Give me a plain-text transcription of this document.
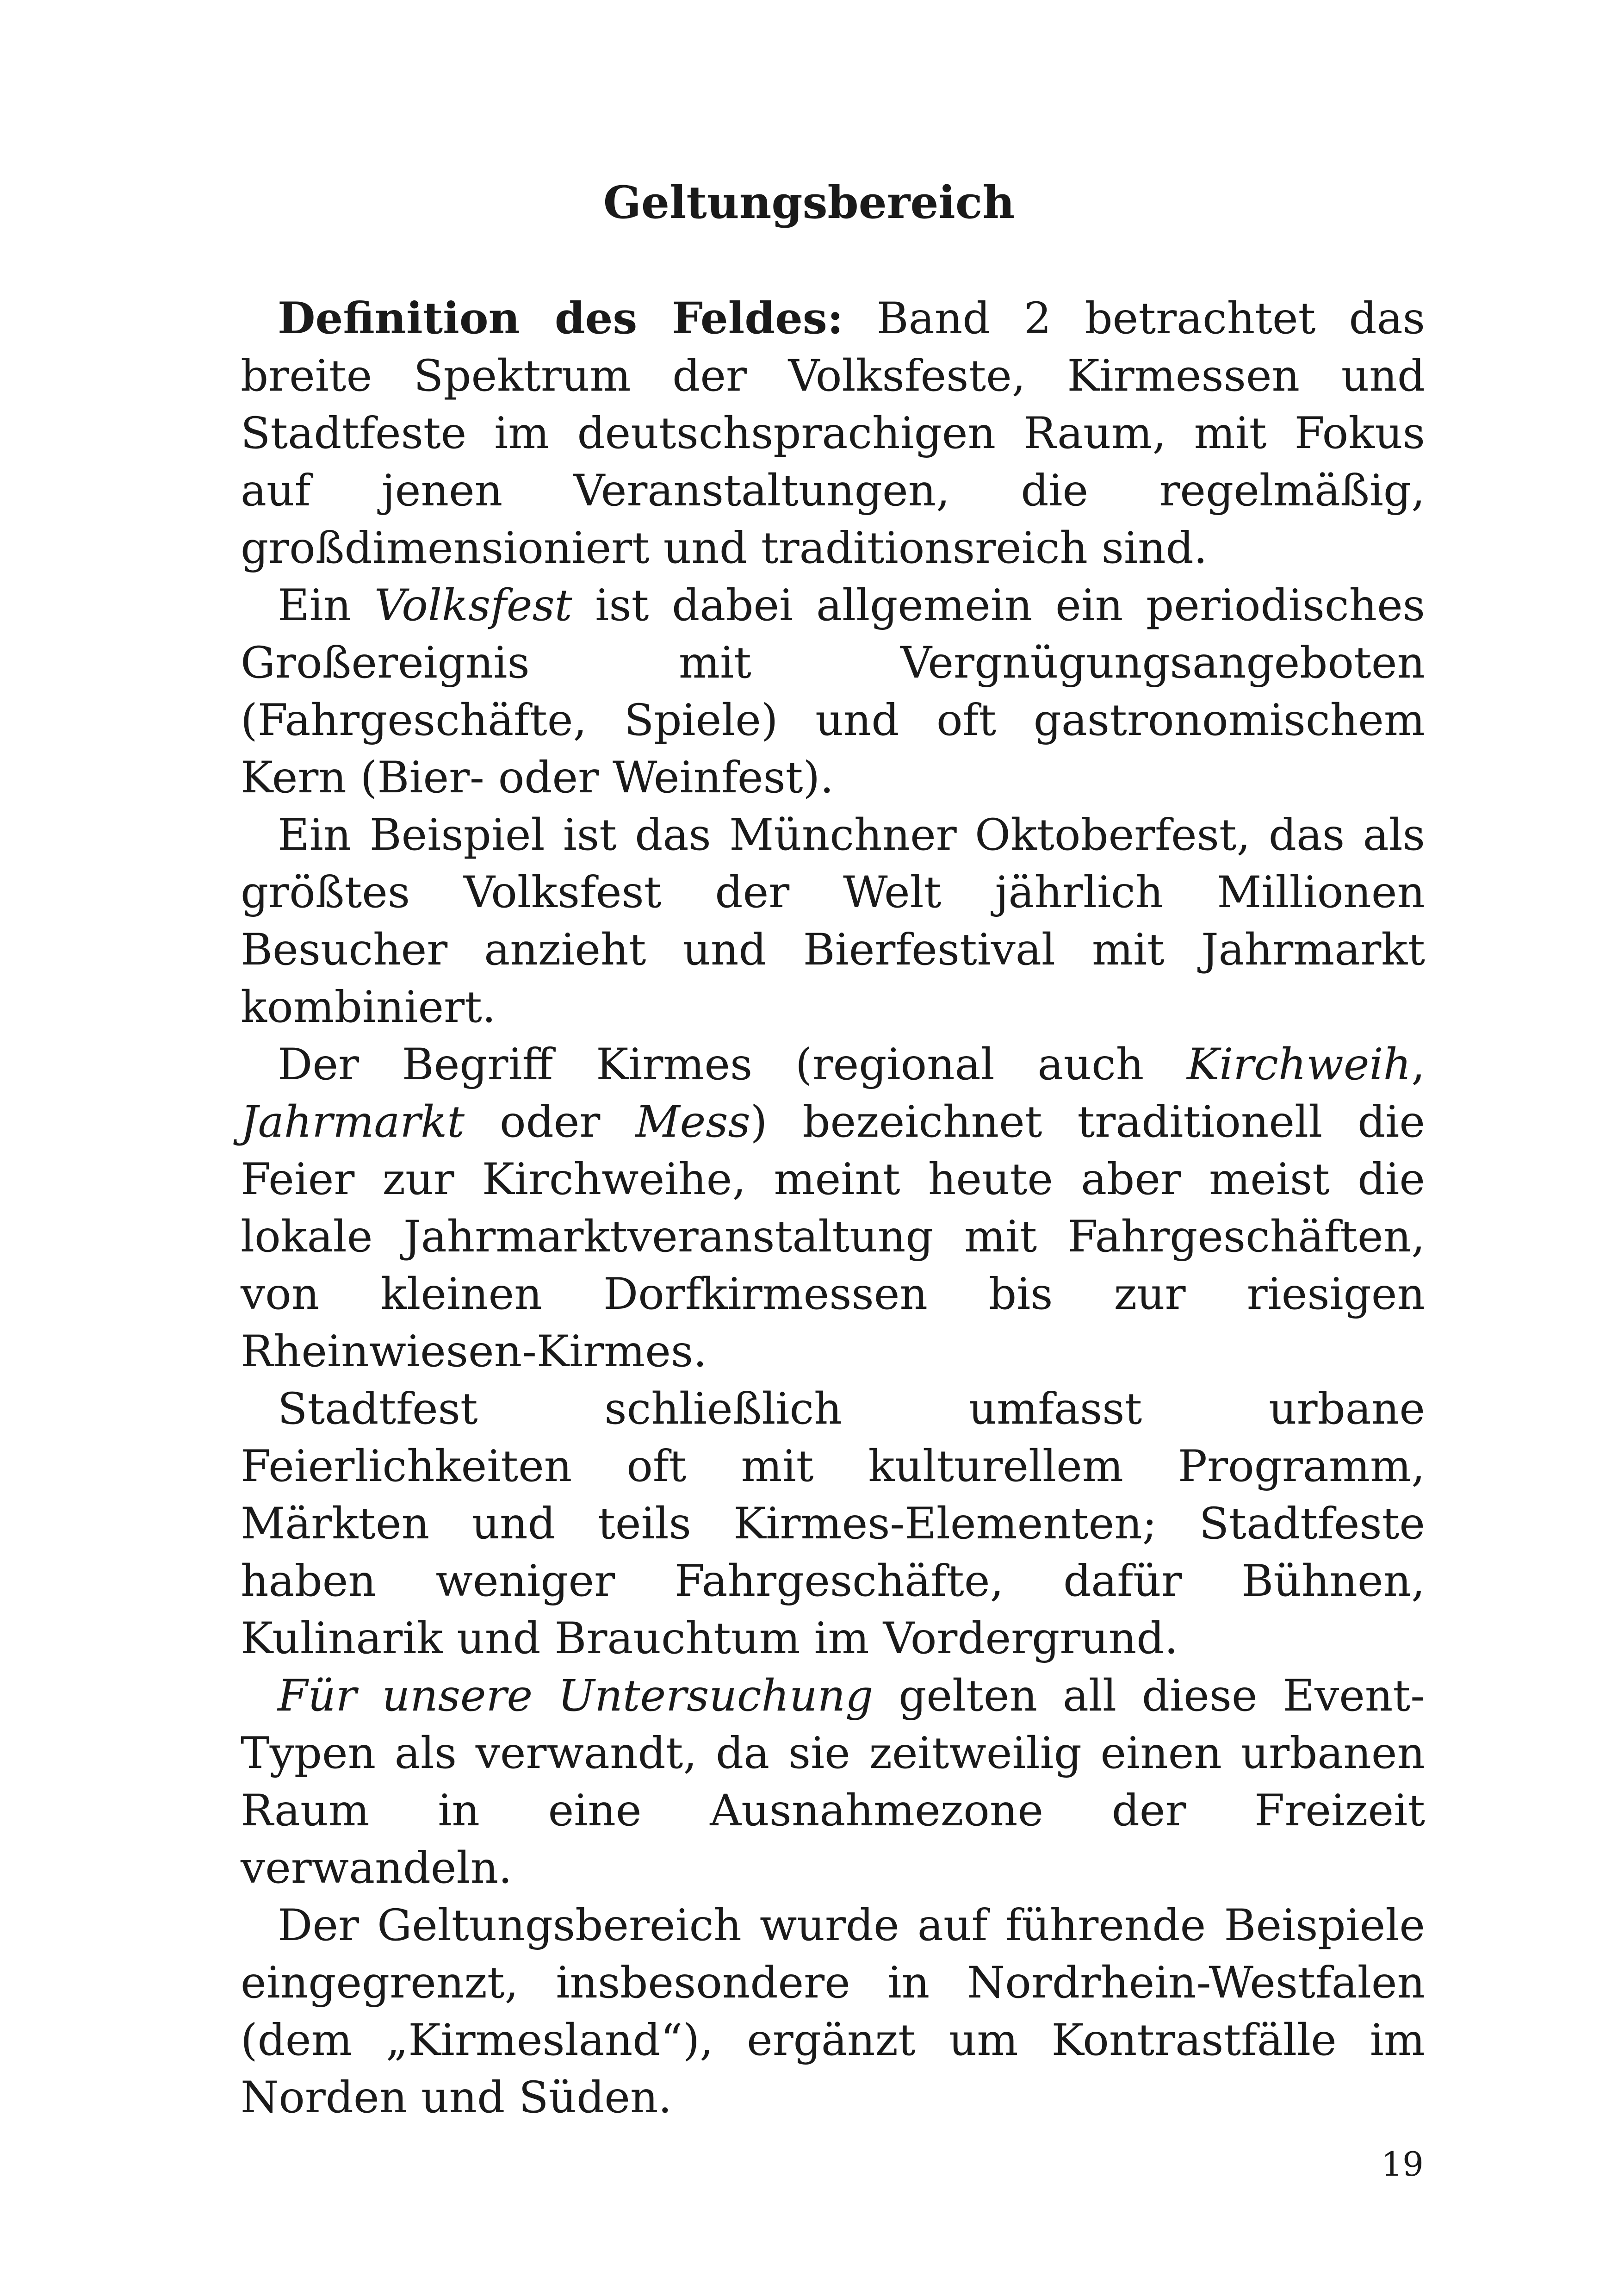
Geltungsbereich

Definition des Feldes: Band 2 betrachtet das breite Spektrum der Volksfeste, Kirmessen und Stadtfeste im deutschsprachigen Raum, mit Fokus auf jenen Veranstaltungen, die regelmäßig, großdimensioniert und traditionsreich sind.

Ein Volksfest ist dabei allgemein ein periodisches Großereignis mit Vergnügungsangeboten (Fahrgeschäfte, Spiele) und oft gastronomischem Kern (Bier- oder Weinfest).

Ein Beispiel ist das Münchner Oktoberfest, das als größtes Volksfest der Welt jährlich Millionen Besucher anzieht und Bierfestival mit Jahrmarkt kombiniert.

Der Begriff Kirmes (regional auch Kirchweih, Jahrmarkt oder Mess) bezeichnet traditionell die Feier zur Kirchweihe, meint heute aber meist die lokale Jahrmarktveranstaltung mit Fahrgeschäften, von kleinen Dorfkirmessen bis zur riesigen Rheinwiesen-Kirmes.

Stadtfest schließlich umfasst urbane Feierlichkeiten oft mit kulturellem Programm, Märkten und teils Kirmes-Elementen; Stadtfeste haben weniger Fahrgeschäfte, dafür Bühnen, Kulinarik und Brauchtum im Vordergrund.

Für unsere Untersuchung gelten all diese Event-Typen als verwandt, da sie zeitweilig einen urbanen Raum in eine Ausnahmezone der Freizeit verwandeln.

Der Geltungsbereich wurde auf führende Beispiele eingegrenzt, insbesondere in Nordrhein-Westfalen (dem „Kirmesland“), ergänzt um Kontrastfälle im Norden und Süden.

19
